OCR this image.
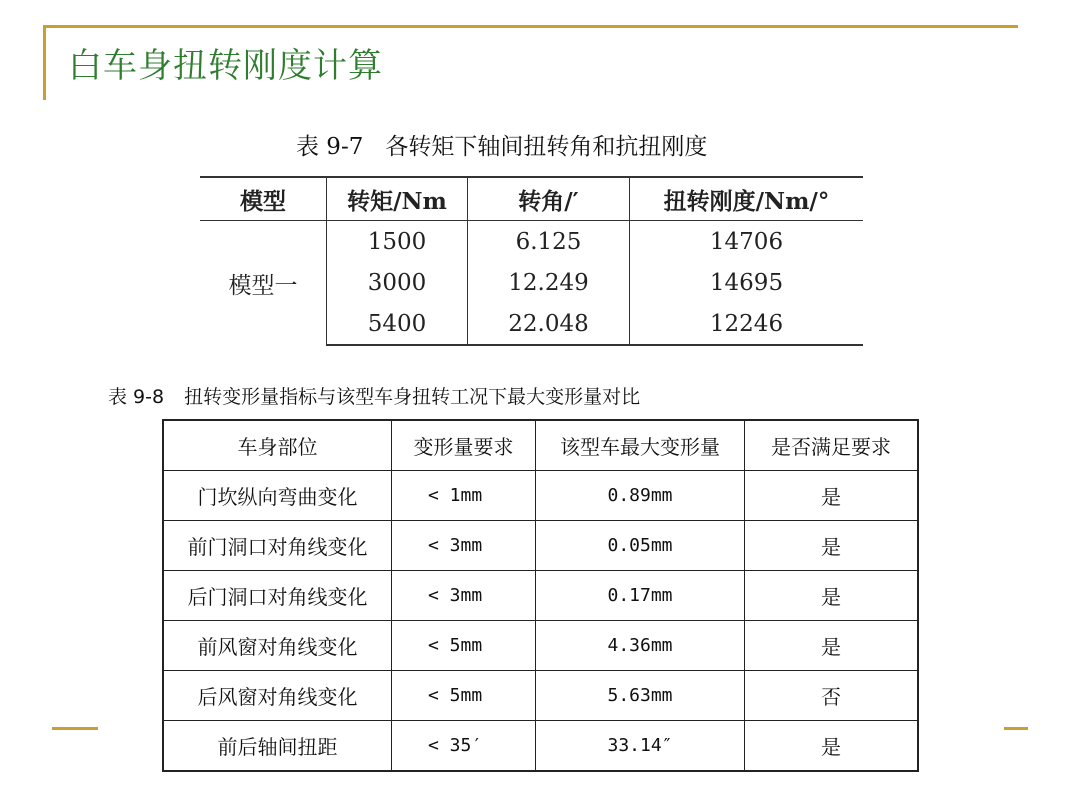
白车身扭转刚度计算
表 9-7 各转矩下轴间扭转角和抗扭刚度
模型	转矩/Nm	转角/′	扭转刚度/Nm/°
模型一	1500	6.125	14706
	3000	12.249	14695
	5400	22.048	12246
表 9-8 扭转变形量指标与该型车身扭转工况下最大变形量对比
车身部位	变形量要求	该型车最大变形量	是否满足要求
门坎纵向弯曲变化	< 1mm	0.89mm	是
前门洞口对角线变化	< 3mm	0.05mm	是
后门洞口对角线变化	< 3mm	0.17mm	是
前风窗对角线变化	< 5mm	4.36mm	是
后风窗对角线变化	< 5mm	5.63mm	否
前后轴间扭距	< 35′	33.14″	是
